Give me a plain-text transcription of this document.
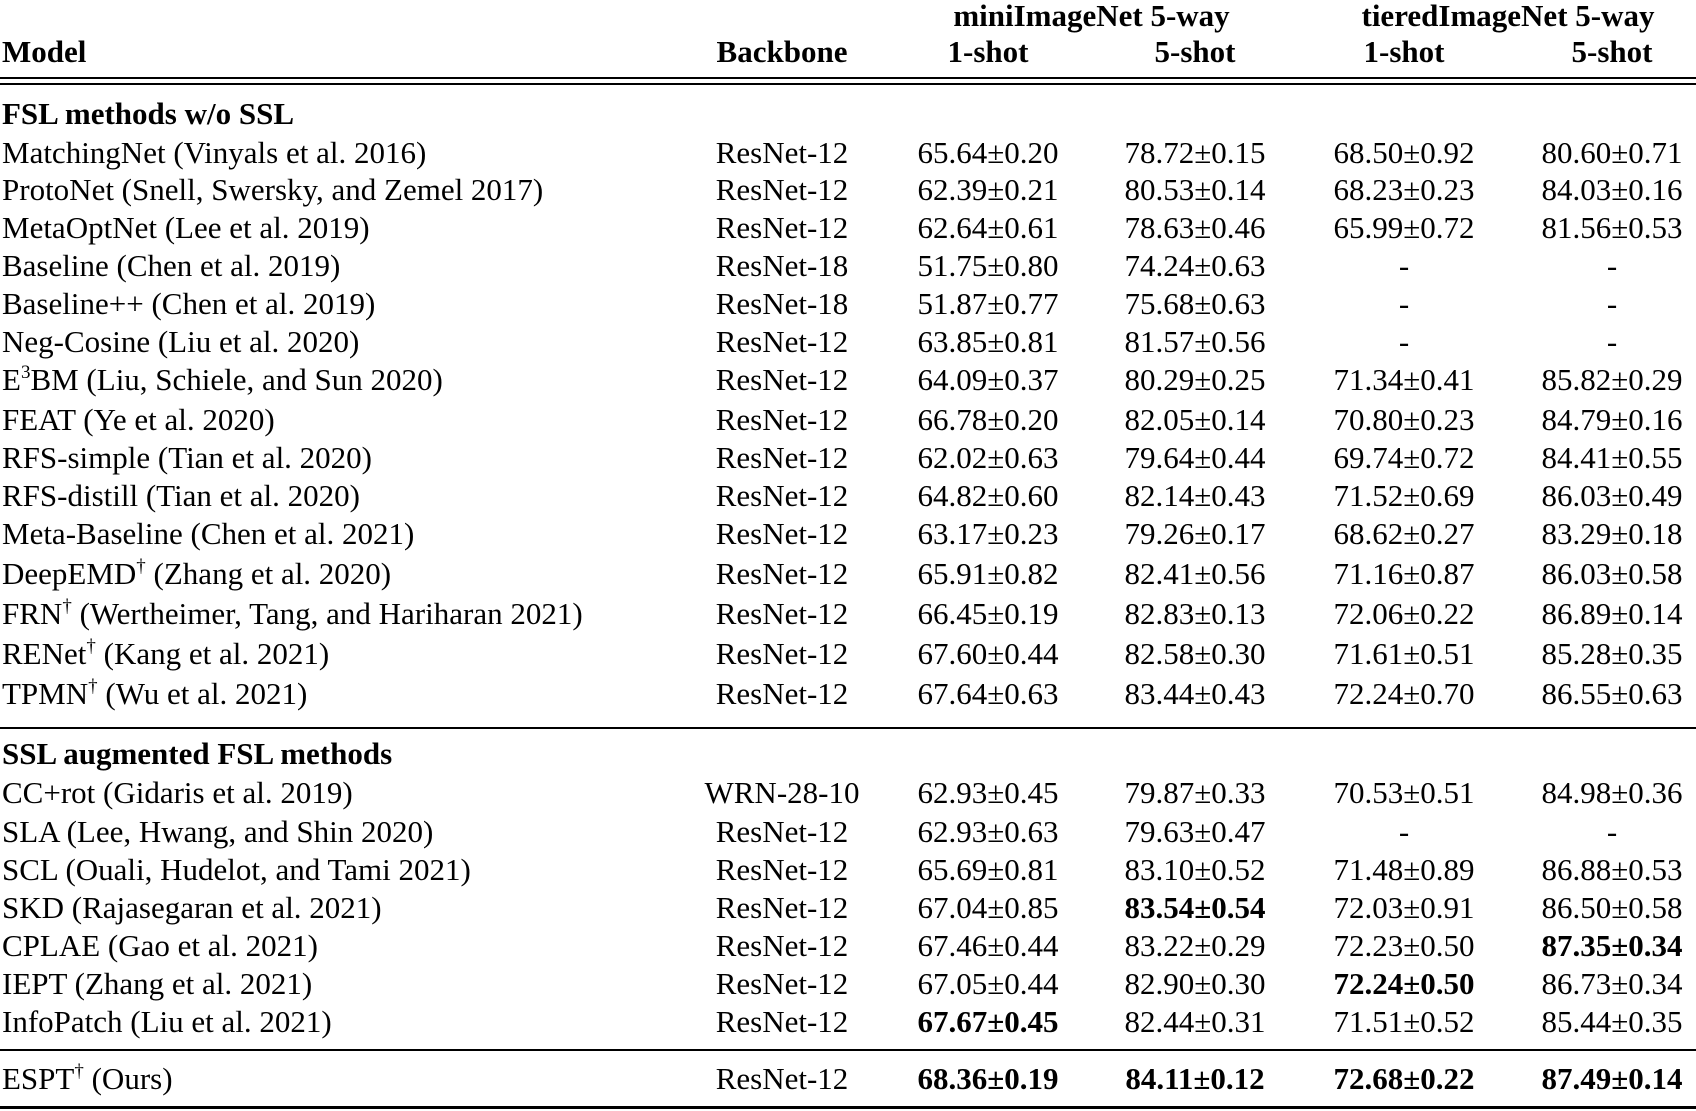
miniImageNet 5-way	tieredImageNet 5-way
Model	Backbone	1-shot	5-shot	1-shot	5-shot
FSL methods w/o SSL
MatchingNet (Vinyals et al. 2016)	ResNet-12	65.64±0.20	78.72±0.15	68.50±0.92	80.60±0.71
ProtoNet (Snell, Swersky, and Zemel 2017)	ResNet-12	62.39±0.21	80.53±0.14	68.23±0.23	84.03±0.16
MetaOptNet (Lee et al. 2019)	ResNet-12	62.64±0.61	78.63±0.46	65.99±0.72	81.56±0.53
Baseline (Chen et al. 2019)	ResNet-18	51.75±0.80	74.24±0.63	-	-
Baseline++ (Chen et al. 2019)	ResNet-18	51.87±0.77	75.68±0.63	-	-
Neg-Cosine (Liu et al. 2020)	ResNet-12	63.85±0.81	81.57±0.56	-	-
$E^3BM$ (Liu, Schiele, and Sun 2020)	ResNet-12	64.09±0.37	80.29±0.25	71.34±0.41	85.82±0.29
FEAT (Ye et al. 2020)	ResNet-12	66.78±0.20	82.05±0.14	70.80±0.23	84.79±0.16
RFS-simple (Tian et al. 2020)	ResNet-12	62.02±0.63	79.64±0.44	69.74±0.72	84.41±0.55
RFS-distill (Tian et al. 2020)	ResNet-12	64.82±0.60	82.14±0.43	71.52±0.69	86.03±0.49
Meta-Baseline (Chen et al. 2021)	ResNet-12	63.17±0.23	79.26±0.17	68.62±0.27	83.29±0.18
DeepEMD† (Zhang et al. 2020)	ResNet-12	65.91±0.82	82.41±0.56	71.16±0.87	86.03±0.58
FRN† (Wertheimer, Tang, and Hariharan 2021)	ResNet-12	66.45±0.19	82.83±0.13	72.06±0.22	86.89±0.14
RENet† (Kang et al. 2021)	ResNet-12	67.60±0.44	82.58±0.30	71.61±0.51	85.28±0.35
TPMN† (Wu et al. 2021)	ResNet-12	67.64±0.63	83.44±0.43	72.24±0.70	86.55±0.63
SSL augmented FSL methods
CC+rot (Gidaris et al. 2019)	WRN-28-10	62.93±0.45	79.87±0.33	70.53±0.51	84.98±0.36
SLA (Lee, Hwang, and Shin 2020)	ResNet-12	62.93±0.63	79.63±0.47	-	-
SCL (Ouali, Hudelot, and Tami 2021)	ResNet-12	65.69±0.81	83.10±0.52	71.48±0.89	86.88±0.53
SKD (Rajasegaran et al. 2021)	ResNet-12	67.04±0.85	83.54±0.54	72.03±0.91	86.50±0.58
CPLAE (Gao et al. 2021)	ResNet-12	67.46±0.44	83.22±0.29	72.23±0.50	87.35±0.34
IEPT (Zhang et al. 2021)	ResNet-12	67.05±0.44	82.90±0.30	72.24±0.50	86.73±0.34
InfoPatch (Liu et al. 2021)	ResNet-12	67.67±0.45	82.44±0.31	71.51±0.52	85.44±0.35
ESPT† (Ours)	ResNet-12	68.36±0.19	84.11±0.12	72.68±0.22	87.49±0.14
